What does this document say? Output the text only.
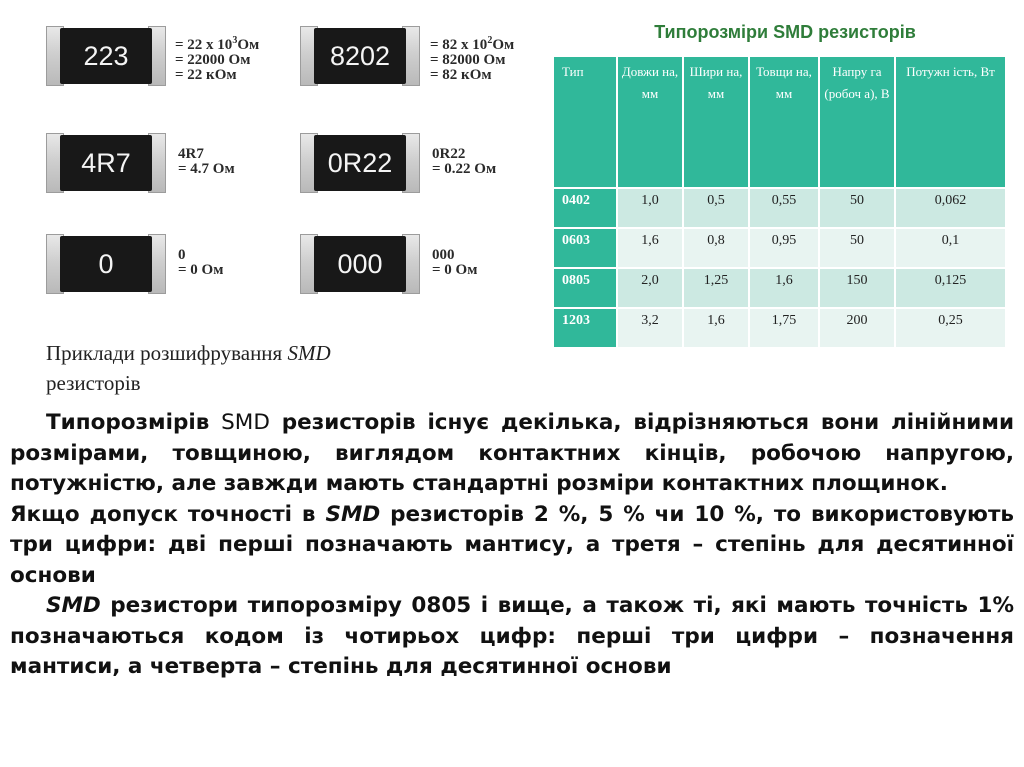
223	= 22 x $10^3Ом$
= 22000 Ом
= 22 кОм
8202	= 82 x $10^2Ом$
= 82000 Ом
= 82 кОм
4R7	4R7
= 4.7 Ом	0R22	0R22
= 0.22 Ом
0	0
= 0 Ом	000	000
= 0 Ом
Приклади розшифрування SMD
резисторів
Типорозміри SMD резисторів
Тип	Довжи на, мм	Шири на, мм	Товщи на, мм	Напру га (робоч а), В	Потужн ість, Вт
0402	1,0	0,5	0,55	50	0,062
0603	1,6	0,8	0,95	50	0,1
0805	2,0	1,25	1,6	150	0,125
1203	3,2	1,6	1,75	200	0,25

Типорозмірів SMD резисторів існує декілька, відрізняються вони лінійними розмірами, товщиною, виглядом контактних кінців, робочою напругою, потужністю, але завжди мають стандартні розміри контактних площинок.

Якщо допуск точності в SMD резисторів 2 %, 5 % чи 10 %, то використовують три цифри: дві перші позначають мантису, а третя – степінь для десятинної основи

SMD резистори типорозміру 0805 і вище, а також ті, які мають точність 1% позначаються кодом із чотирьох цифр: перші три цифри – позначення мантиси, а четверта – степінь для десятинної основи
